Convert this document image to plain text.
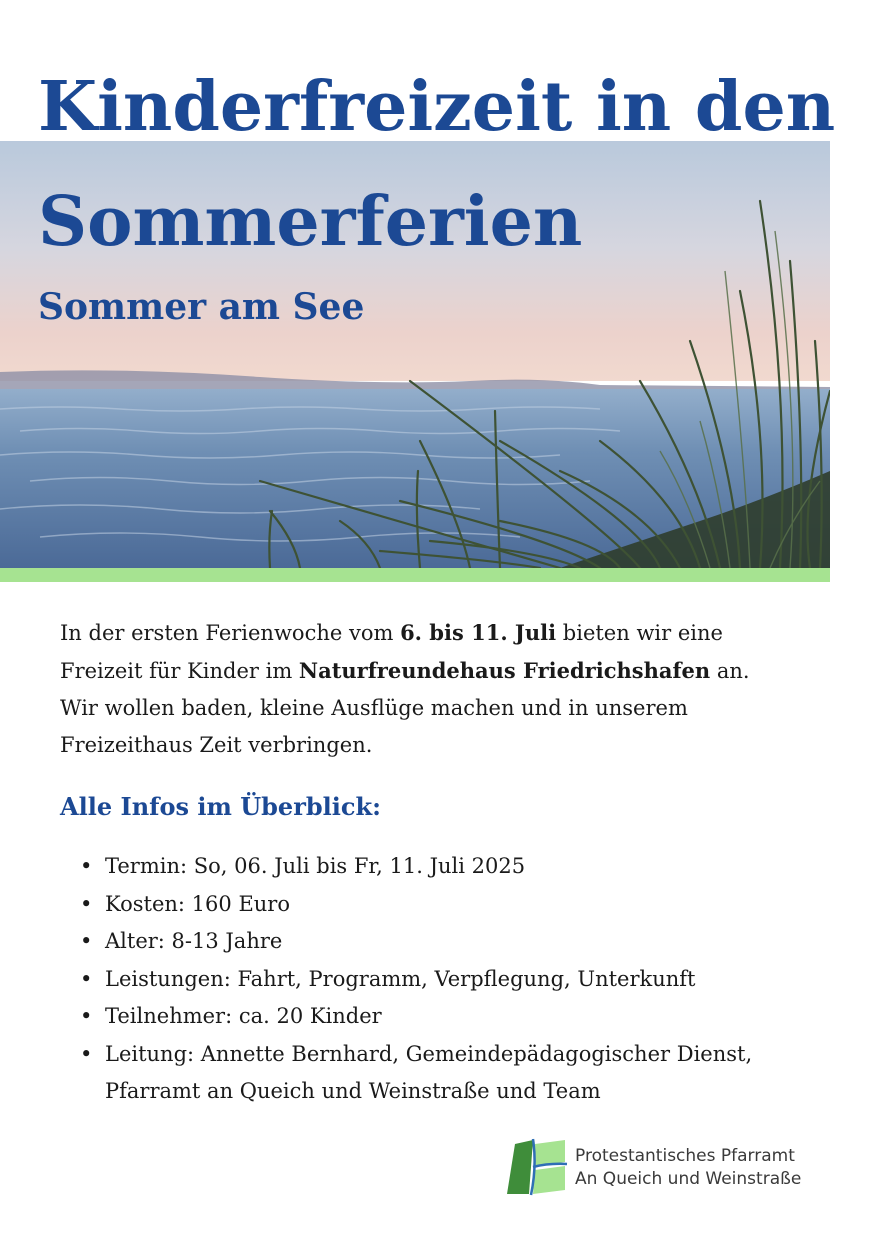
Kinderfreizeit in den Sommerferien
Sommer am See

In der ersten Ferienwoche vom 6. bis 11. Juli bieten wir eine Freizeit für Kinder im Naturfreundehaus Friedrichshafen an. Wir wollen baden, kleine Ausflüge machen und in unserem Freizeithaus Zeit verbringen.

Alle Infos im Überblick:
• Termin: So, 06. Juli bis Fr, 11. Juli 2025
• Kosten: 160 Euro
• Alter: 8-13 Jahre
• Leistungen: Fahrt, Programm, Verpflegung, Unterkunft
• Teilnehmer: ca. 20 Kinder
• Leitung: Annette Bernhard, Gemeindepädagogischer Dienst, Pfarramt an Queich und Weinstraße und Team
Protestantisches Pfarramt
An Queich und Weinstraße
